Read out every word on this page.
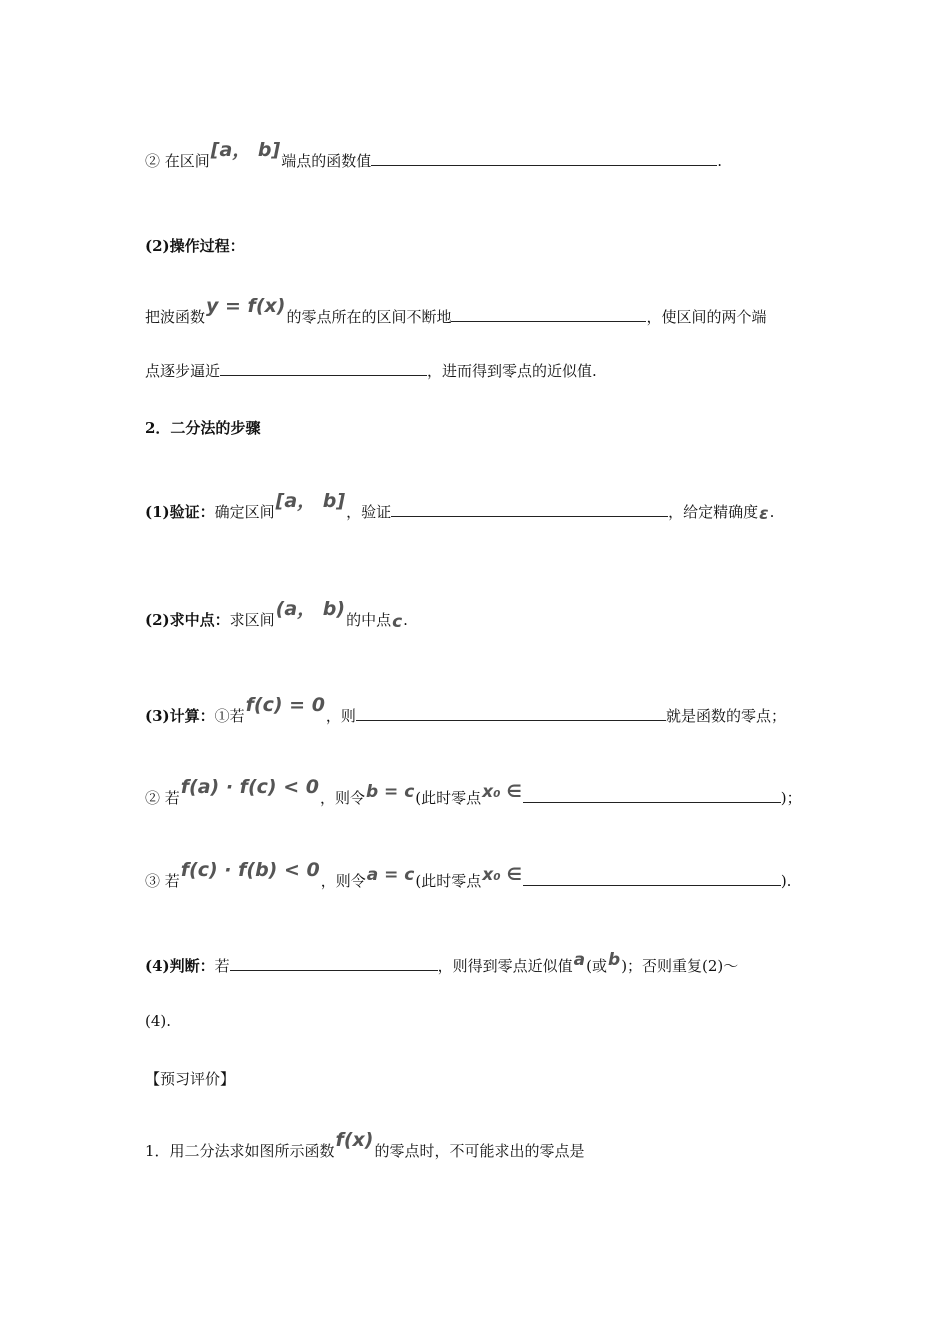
② 在区间[a， b]端点的函数值	.
(2)操作过程：
把波函数y = f(x)的零点所在的区间不断地	，使区间的两个端
点逐步逼近	，进而得到零点的近似值.
2．二分法的步骤
(1)验证：确定区间[a， b]，验证	，给定精确度ε.
(2)求中点：求区间(a， b)的中点c.
(3)计算：①若f(c) = 0，则	就是函数的零点；
② 若f(a) · f(c) < 0，则令b = c(此时零点x₀ ∈	)；
③ 若f(c) · f(b) < 0，则令a = c(此时零点x₀ ∈	).
(4)判断：若	，则得到零点近似值a(或b)；否则重复(2)～
(4).
【预习评价】
1．用二分法求如图所示函数f(x)的零点时，不可能求出的零点是
